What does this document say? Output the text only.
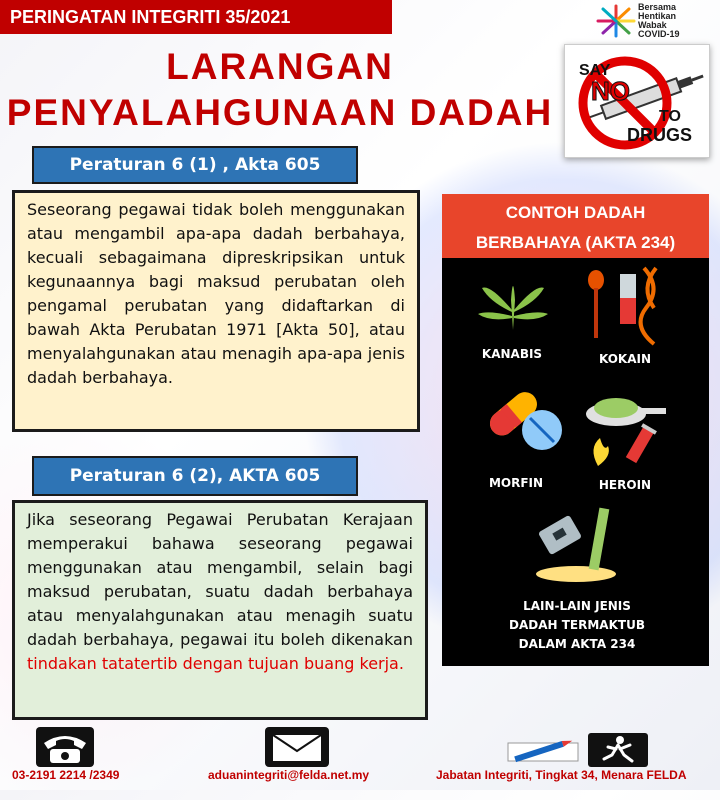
PERINGATAN INTEGRITI 35/2021	Bersama
Hentikan
Wabak
COVID-19
LARANGAN
PENYALAHGUNAAN DADAH
SAY
NO
TO
DRUGS
Peraturan 6 (1) , Akta 605
Seseorang pegawai tidak boleh menggunakan atau mengambil apa-apa dadah berbahaya, kecuali sebagaimana dipreskripsikan untuk kegunaannya bagi maksud perubatan oleh pengamal perubatan yang didaftarkan di bawah Akta Perubatan 1971 [Akta 50], atau menyalahgunakan atau menagih apa-apa jenis dadah berbahaya.
Peraturan 6 (2), AKTA 605
Jika seseorang Pegawai Perubatan Kerajaan memperakui bahawa seseorang pegawai menggunakan atau mengambil, selain bagi maksud perubatan, suatu dadah berbahaya atau menyalahgunakan atau menagih suatu dadah berbahaya, pegawai itu boleh dikenakan tindakan tatatertib dengan tujuan buang kerja.
CONTOH DADAH
BERBAHAYA (AKTA 234)
KANABIS	KOKAIN
MORFIN	HEROIN
LAIN-LAIN JENIS
DADAH TERMAKTUB
DALAM AKTA 234
03-2191 2214 /2349	aduanintegriti@felda.net.my	Jabatan Integriti, Tingkat 34, Menara FELDA
